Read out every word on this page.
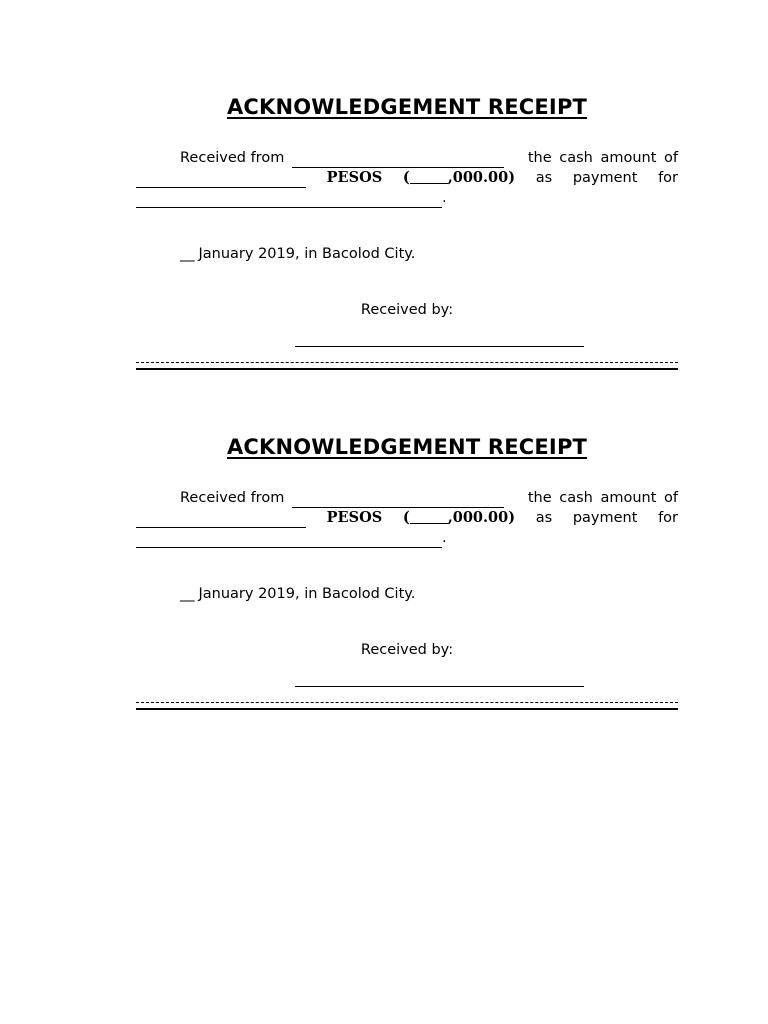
ACKNOWLEDGEMENT RECEIPT
Received from	the cash amount of
PESOS (	,000.00) as payment for
.
__ January 2019, in Bacolod City.
Received by:
ACKNOWLEDGEMENT RECEIPT
Received from	the cash amount of
PESOS (	,000.00) as payment for
.
__ January 2019, in Bacolod City.
Received by:
